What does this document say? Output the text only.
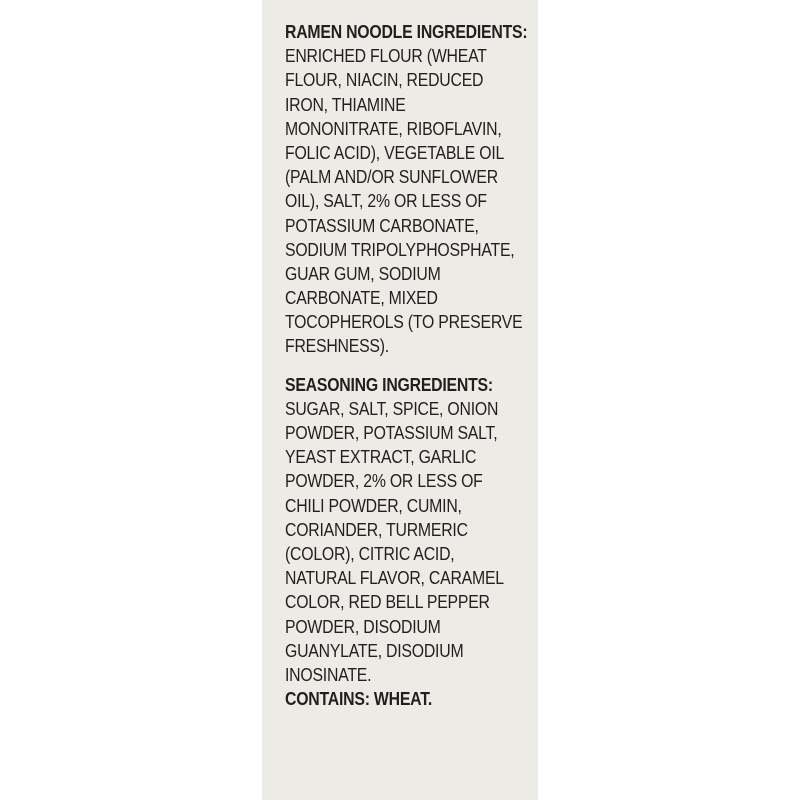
RAMEN NOODLE INGREDIENTS:
ENRICHED FLOUR (WHEAT
FLOUR, NIACIN, REDUCED
IRON, THIAMINE
MONONITRATE, RIBOFLAVIN,
FOLIC ACID), VEGETABLE OIL
(PALM AND/OR SUNFLOWER
OIL), SALT, 2% OR LESS OF
POTASSIUM CARBONATE,
SODIUM TRIPOLYPHOSPHATE,
GUAR GUM, SODIUM
CARBONATE, MIXED
TOCOPHEROLS (TO PRESERVE
FRESHNESS).
SEASONING INGREDIENTS:
SUGAR, SALT, SPICE, ONION
POWDER, POTASSIUM SALT,
YEAST EXTRACT, GARLIC
POWDER, 2% OR LESS OF
CHILI POWDER, CUMIN,
CORIANDER, TURMERIC
(COLOR), CITRIC ACID,
NATURAL FLAVOR, CARAMEL
COLOR, RED BELL PEPPER
POWDER, DISODIUM
GUANYLATE, DISODIUM
INOSINATE.
CONTAINS: WHEAT.
